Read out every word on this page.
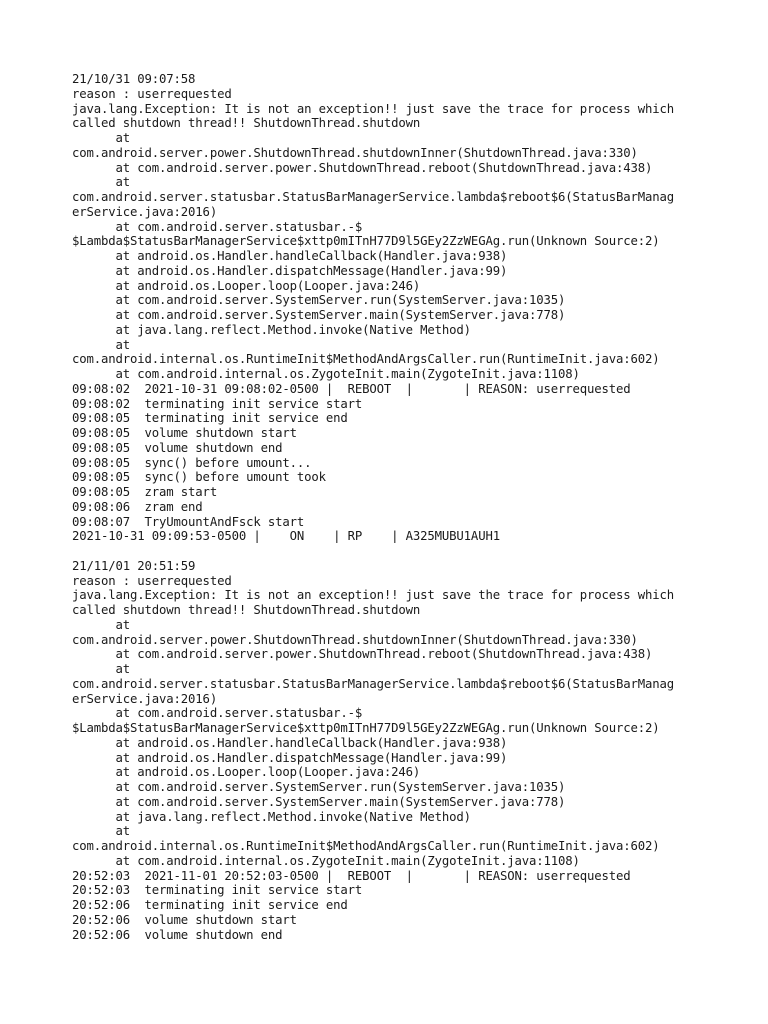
21/10/31 09:07:58
reason : userrequested
java.lang.Exception: It is not an exception!! just save the trace for process which
called shutdown thread!! ShutdownThread.shutdown
at
com.android.server.power.ShutdownThread.shutdownInner(ShutdownThread.java:330)
at com.android.server.power.ShutdownThread.reboot(ShutdownThread.java:438)
at
com.android.server.statusbar.StatusBarManagerService.lambda$reboot$6(StatusBarManag
erService.java:2016)
at com.android.server.statusbar.-$
$Lambda$StatusBarManagerService$xttp0mITnH77D9l5GEy2ZzWEGAg.run(Unknown Source:2)
at android.os.Handler.handleCallback(Handler.java:938)
at android.os.Handler.dispatchMessage(Handler.java:99)
at android.os.Looper.loop(Looper.java:246)
at com.android.server.SystemServer.run(SystemServer.java:1035)
at com.android.server.SystemServer.main(SystemServer.java:778)
at java.lang.reflect.Method.invoke(Native Method)
at
com.android.internal.os.RuntimeInit$MethodAndArgsCaller.run(RuntimeInit.java:602)
at com.android.internal.os.ZygoteInit.main(ZygoteInit.java:1108)
09:08:02  2021-10-31 09:08:02-0500 |  REBOOT  |       | REASON: userrequested
09:08:02  terminating init service start
09:08:05  terminating init service end
09:08:05  volume shutdown start
09:08:05  volume shutdown end
09:08:05  sync() before umount...
09:08:05  sync() before umount took
09:08:05  zram start
09:08:06  zram end
09:08:07  TryUmountAndFsck start
2021-10-31 09:09:53-0500 |    ON    | RP    | A325MUBU1AUH1
21/11/01 20:51:59
reason : userrequested
java.lang.Exception: It is not an exception!! just save the trace for process which
called shutdown thread!! ShutdownThread.shutdown
at
com.android.server.power.ShutdownThread.shutdownInner(ShutdownThread.java:330)
at com.android.server.power.ShutdownThread.reboot(ShutdownThread.java:438)
at
com.android.server.statusbar.StatusBarManagerService.lambda$reboot$6(StatusBarManag
erService.java:2016)
at com.android.server.statusbar.-$
$Lambda$StatusBarManagerService$xttp0mITnH77D9l5GEy2ZzWEGAg.run(Unknown Source:2)
at android.os.Handler.handleCallback(Handler.java:938)
at android.os.Handler.dispatchMessage(Handler.java:99)
at android.os.Looper.loop(Looper.java:246)
at com.android.server.SystemServer.run(SystemServer.java:1035)
at com.android.server.SystemServer.main(SystemServer.java:778)
at java.lang.reflect.Method.invoke(Native Method)
at
com.android.internal.os.RuntimeInit$MethodAndArgsCaller.run(RuntimeInit.java:602)
at com.android.internal.os.ZygoteInit.main(ZygoteInit.java:1108)
20:52:03  2021-11-01 20:52:03-0500 |  REBOOT  |       | REASON: userrequested
20:52:03  terminating init service start
20:52:06  terminating init service end
20:52:06  volume shutdown start
20:52:06  volume shutdown end
